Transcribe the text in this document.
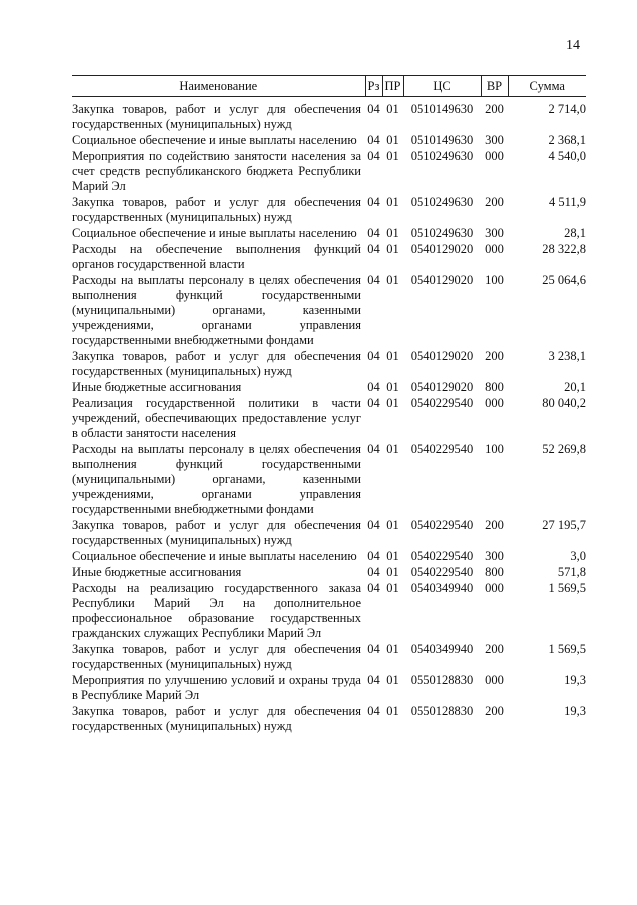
14
Наименование	Рз	ПР	ЦС	ВР	Сумма
Закупка товаров, работ и услуг для обеспечения государственных (муниципальных) нужд	04	01	0510149630	200	2 714,0
Социальное обеспечение и иные выплаты населению	04	01	0510149630	300	2 368,1
Мероприятия по содействию занятости населения за счет средств республиканского бюджета Республики Марий Эл	04	01	0510249630	000	4 540,0
Закупка товаров, работ и услуг для обеспечения государственных (муниципальных) нужд	04	01	0510249630	200	4 511,9
Социальное обеспечение и иные выплаты населению	04	01	0510249630	300	28,1
Расходы на обеспечение выполнения функций органов государственной власти	04	01	0540129020	000	28 322,8
Расходы на выплаты персоналу в целях обеспечения выполнения функций государственными (муниципальными) органами, казенными учреждениями, органами управления государственными внебюджетными фондами	04	01	0540129020	100	25 064,6
Закупка товаров, работ и услуг для обеспечения государственных (муниципальных) нужд	04	01	0540129020	200	3 238,1
Иные бюджетные ассигнования	04	01	0540129020	800	20,1
Реализация государственной политики в части учреждений, обеспечивающих предоставление услуг в области занятости населения	04	01	0540229540	000	80 040,2
Расходы на выплаты персоналу в целях обеспечения выполнения функций государственными (муниципальными) органами, казенными учреждениями, органами управления государственными внебюджетными фондами	04	01	0540229540	100	52 269,8
Закупка товаров, работ и услуг для обеспечения государственных (муниципальных) нужд	04	01	0540229540	200	27 195,7
Социальное обеспечение и иные выплаты населению	04	01	0540229540	300	3,0
Иные бюджетные ассигнования	04	01	0540229540	800	571,8
Расходы на реализацию государственного заказа Республики Марий Эл на дополнительное профессиональное образование государственных гражданских служащих Республики Марий Эл	04	01	0540349940	000	1 569,5
Закупка товаров, работ и услуг для обеспечения государственных (муниципальных) нужд	04	01	0540349940	200	1 569,5
Мероприятия по улучшению условий и охраны труда в Республике Марий Эл	04	01	0550128830	000	19,3
Закупка товаров, работ и услуг для обеспечения государственных (муниципальных) нужд	04	01	0550128830	200	19,3
